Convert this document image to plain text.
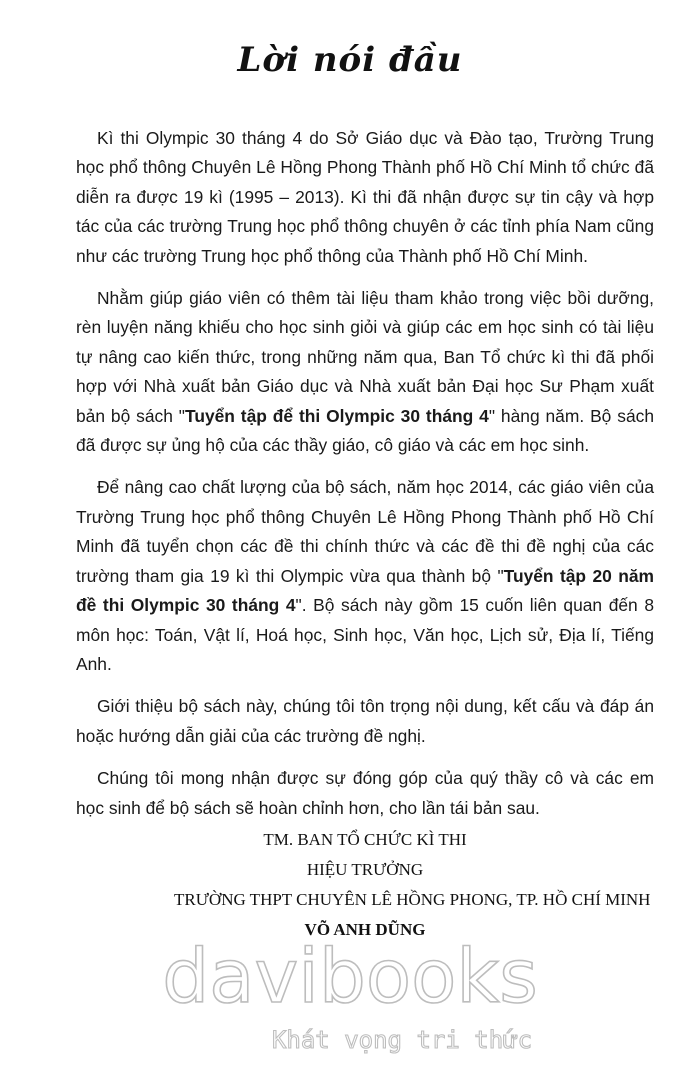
Lời nói đầu

Kì thi Olympic 30 tháng 4 do Sở Giáo dục và Đào tạo, Trường Trung học phổ thông Chuyên Lê Hồng Phong Thành phố Hồ Chí Minh tổ chức đã diễn ra được 19 kì (1995 – 2013). Kì thi đã nhận được sự tin cậy và hợp tác của các trường Trung học phổ thông chuyên ở các tỉnh phía Nam cũng như các trường Trung học phổ thông của Thành phố Hồ Chí Minh.

Nhằm giúp giáo viên có thêm tài liệu tham khảo trong việc bồi dưỡng, rèn luyện năng khiếu cho học sinh giỏi và giúp các em học sinh có tài liệu tự nâng cao kiến thức, trong những năm qua, Ban Tổ chức kì thi đã phối hợp với Nhà xuất bản Giáo dục và Nhà xuất bản Đại học Sư Phạm xuất bản bộ sách "Tuyển tập để thi Olympic 30 tháng 4" hàng năm. Bộ sách đã được sự ủng hộ của các thầy giáo, cô giáo và các em học sinh.

Để nâng cao chất lượng của bộ sách, năm học 2014, các giáo viên của Trường Trung học phổ thông Chuyên Lê Hồng Phong Thành phố Hồ Chí Minh đã tuyển chọn các đề thi chính thức và các đề thi đề nghị của các trường tham gia 19 kì thi Olympic vừa qua thành bộ "Tuyển tập 20 năm đề thi Olympic 30 tháng 4". Bộ sách này gồm 15 cuốn liên quan đến 8 môn học: Toán, Vật lí, Hoá học, Sinh học, Văn học, Lịch sử, Địa lí, Tiếng Anh.

Giới thiệu bộ sách này, chúng tôi tôn trọng nội dung, kết cấu và đáp án hoặc hướng dẫn giải của các trường đề nghị.

Chúng tôi mong nhận được sự đóng góp của quý thầy cô và các em học sinh để bộ sách sẽ hoàn chỉnh hơn, cho lần tái bản sau.

TM. BAN TỔ CHỨC KÌ THI
HIỆU TRƯỞNG
TRƯỜNG THPT CHUYÊN LÊ HỒNG PHONG, TP. HỒ CHÍ MINH
VÕ ANH DŨNG
davibooks
Khát vọng tri thức
